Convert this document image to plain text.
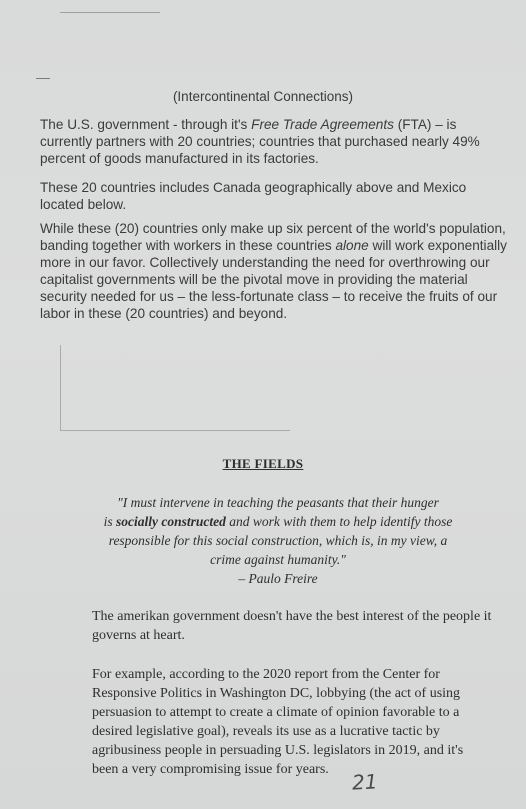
(Intercontinental Connections)

The U.S. government - through it's Free Trade Agreements (FTA) – is currently partners with 20 countries; countries that purchased nearly 49% percent of goods manufactured in its factories.

These 20 countries includes Canada geographically above and Mexico located below.

While these (20) countries only make up six percent of the world's population, banding together with workers in these countries alone will work exponentially more in our favor. Collectively understanding the need for overthrowing our capitalist governments will be the pivotal move in providing the material security needed for us – the less-fortunate class – to receive the fruits of our labor in these (20 countries) and beyond.

THE FIELDS
"I must intervene in teaching the peasants that their hunger
is socially constructed and work with them to help identify those
responsible for this social construction, which is, in my view, a
crime against humanity."
– Paulo Freire

The amerikan government doesn't have the best interest of the people it governs at heart.

For example, according to the 2020 report from the Center for Responsive Politics in Washington DC, lobbying (the act of using persuasion to attempt to create a climate of opinion favorable to a desired legislative goal), reveals its use as a lucrative tactic by agribusiness people in persuading U.S. legislators in 2019, and it's been a very compromising issue for years.	21
